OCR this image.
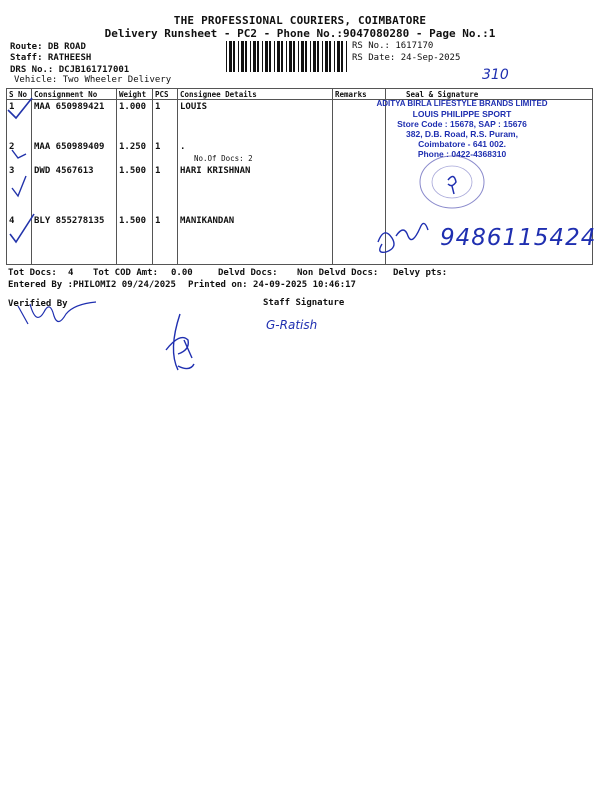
THE PROFESSIONAL COURIERS, COIMBATORE
Delivery Runsheet - PC2 - Phone No.:9047080280 - Page No.:1
Route: DB ROAD
Staff: RATHEESH
DRS No.: DCJB161717001
Vehicle: Two Wheeler Delivery
RS No.: 1617170
RS Date: 24-Sep-2025
310
S No	Consignment No	Weight	PCS	Consignee Details	Remarks	Seal & Signature
1	MAA 650989421	1.000	1	LOUIS		
2	MAA 650989409	1.250	1	.
No.Of Docs: 2		

3	DWD 4567613	1.500	1	HARI KRISHNAN		
4	BLY 855278135	1.500	1	MANIKANDAN		
ADITYA BIRLA LIFESTYLE BRANDS LIMITED
LOUIS PHILIPPE SPORT
Store Code : 15678, SAP : 15676
382, D.B. Road, R.S. Puram,
Coimbatore - 641 002.
Phone : 0422-4368310
9486115424
Tot Docs: 4 Tot COD Amt: 0.00	Delvd Docs: Non Delvd Docs: Delvy pts:
Entered By :PHILOMI2 09/24/2025 Printed on: 24-09-2025 10:46:17
Verified By	Staff Signature
G-Ratish
